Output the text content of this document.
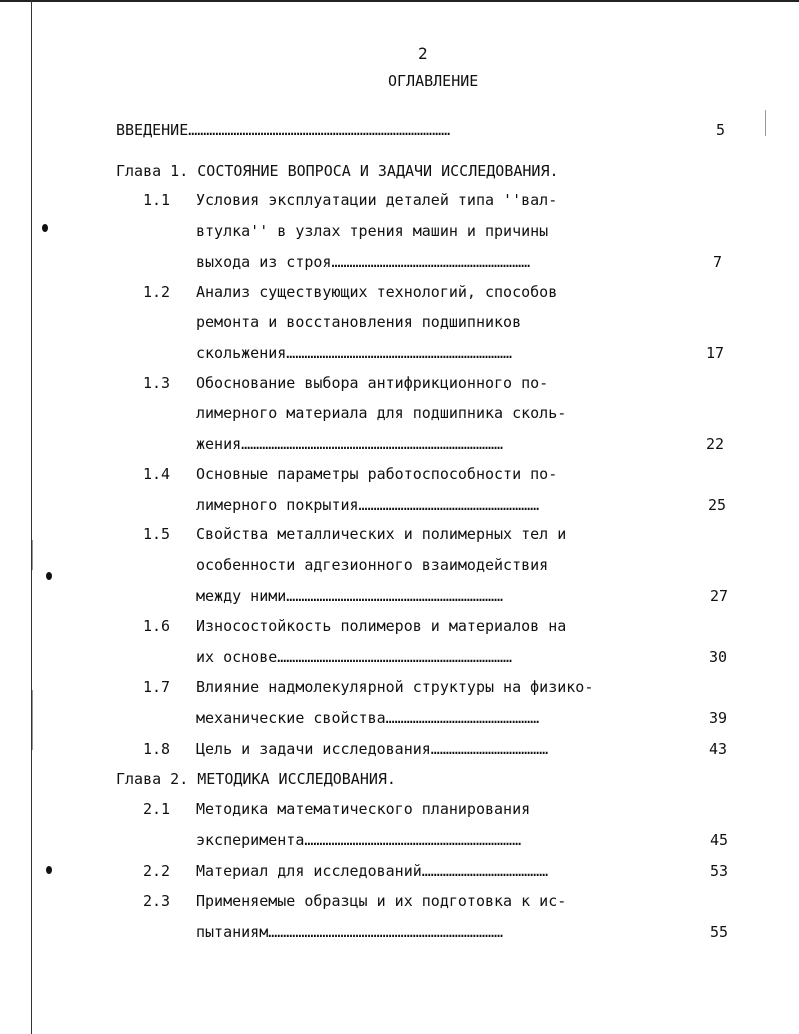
2
ОГЛАВЛЕНИЕ
ВВЕДЕНИЕ……………………………………………………………………………	5
Глава 1. СОСТОЯНИЕ ВОПРОСА И ЗАДАЧИ ИССЛЕДОВАНИЯ.
1.1 Условия эксплуатации деталей типа ''вал-
втулка'' в узлах трения машин и причины
выхода из строя…………………………………………………………	7
1.2 Анализ существующих технологий, способов
ремонта и восстановления подшипников
скольжения…………………………………………………………………	17
1.3 Обоснование выбора антифрикционного по-
лимерного материала для подшипника сколь-
жения……………………………………………………………………………	22
1.4 Основные параметры работоспособности по-
лимерного покрытия……………………………………………………	25
1.5 Свойства металлических и полимерных тел и
особенности адгезионного взаимодействия
между ними………………………………………………………………	27
1.6 Износостойкость полимеров и материалов на
их основе……………………………………………………………………	30
1.7 Влияние надмолекулярной структуры на физико-
механические свойства……………………………………………	39
1.8 Цель и задачи исследования…………………………………	43
Глава 2. МЕТОДИКА ИССЛЕДОВАНИЯ.
2.1 Методика математического планирования
эксперимента………………………………………………………………	45
2.2 Материал для исследований……………………………………	53
2.3 Применяемые образцы и их подготовка к ис-
пытаниям……………………………………………………………………	55
